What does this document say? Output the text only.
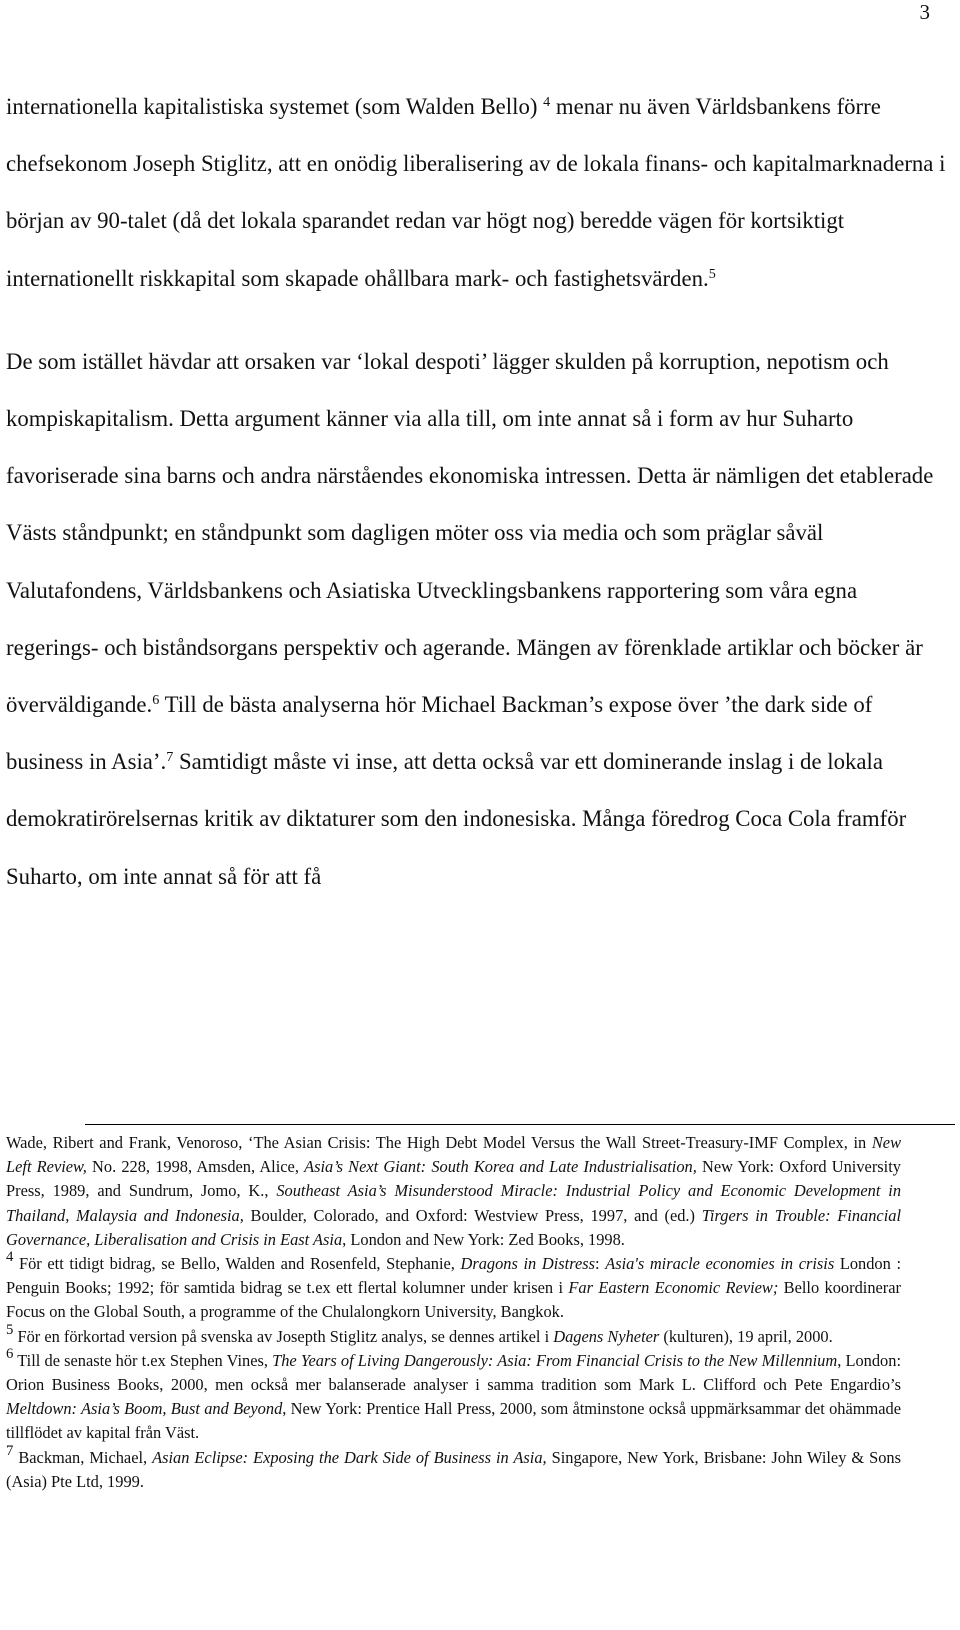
3

internationella kapitalistiska systemet (som Walden Bello) $^4$ menar nu även Världsbankens förre chefsekonom Joseph Stiglitz, att en onödig liberalisering av de lokala finans- och kapitalmarknaderna i början av 90-talet (då det lokala sparandet redan var högt nog) beredde vägen för kortsiktigt internationellt riskkapital som skapade ohållbara mark- och fastighetsvärden.$^5$

De som istället hävdar att orsaken var ‘lokal despoti’ lägger skulden på korruption, nepotism och kompiskapitalism. Detta argument känner via alla till, om inte annat så i form av hur Suharto favoriserade sina barns och andra närståendes ekonomiska intressen. Detta är nämligen det etablerade Västs ståndpunkt; en ståndpunkt som dagligen möter oss via media och som präglar såväl Valutafondens, Världsbankens och Asiatiska Utvecklingsbankens rapportering som våra egna regerings- och biståndsorgans perspektiv och agerande. Mängen av förenklade artiklar och böcker är överväldigande.$^6$ Till de bästa analyserna hör Michael Backman’s expose över ’the dark side of business in Asia’.$^7$ Samtidigt måste vi inse, att detta också var ett dominerande inslag i de lokala demokratirörelsernas kritik av diktaturer som den indonesiska. Många föredrog Coca Cola framför Suharto, om inte annat så för att få

Wade, Ribert and Frank, Venoroso, ‘The Asian Crisis: The High Debt Model Versus the Wall Street-Treasury-IMF Complex, in New Left Review, No. 228, 1998, Amsden, Alice, Asia’s Next Giant: South Korea and Late Industrialisation, New York: Oxford University Press, 1989, and Sundrum, Jomo, K., Southeast Asia’s Misunderstood Miracle: Industrial Policy and Economic Development in Thailand, Malaysia and Indonesia, Boulder, Colorado, and Oxford: Westview Press, 1997, and (ed.) Tirgers in Trouble: Financial Governance, Liberalisation and Crisis in East Asia, London and New York: Zed Books, 1998.

$^4$ För ett tidigt bidrag, se Bello, Walden and Rosenfeld, Stephanie, Dragons in Distress: Asia's miracle economies in crisis London : Penguin Books; 1992; för samtida bidrag se t.ex ett flertal kolumner under krisen i Far Eastern Economic Review; Bello koordinerar Focus on the Global South, a programme of the Chulalongkorn University, Bangkok.

$^5$ För en förkortad version på svenska av Josepth Stiglitz analys, se dennes artikel i Dagens Nyheter (kulturen), 19 april, 2000.

$^6$ Till de senaste hör t.ex Stephen Vines, The Years of Living Dangerously: Asia: From Financial Crisis to the New Millennium, London: Orion Business Books, 2000, men också mer balanserade analyser i samma tradition som Mark L. Clifford och Pete Engardio’s Meltdown: Asia’s Boom, Bust and Beyond, New York: Prentice Hall Press, 2000, som åtminstone också uppmärksammar det ohämmade tillflödet av kapital från Väst.

$^7$ Backman, Michael, Asian Eclipse: Exposing the Dark Side of Business in Asia, Singapore, New York, Brisbane: John Wiley & Sons (Asia) Pte Ltd, 1999.
